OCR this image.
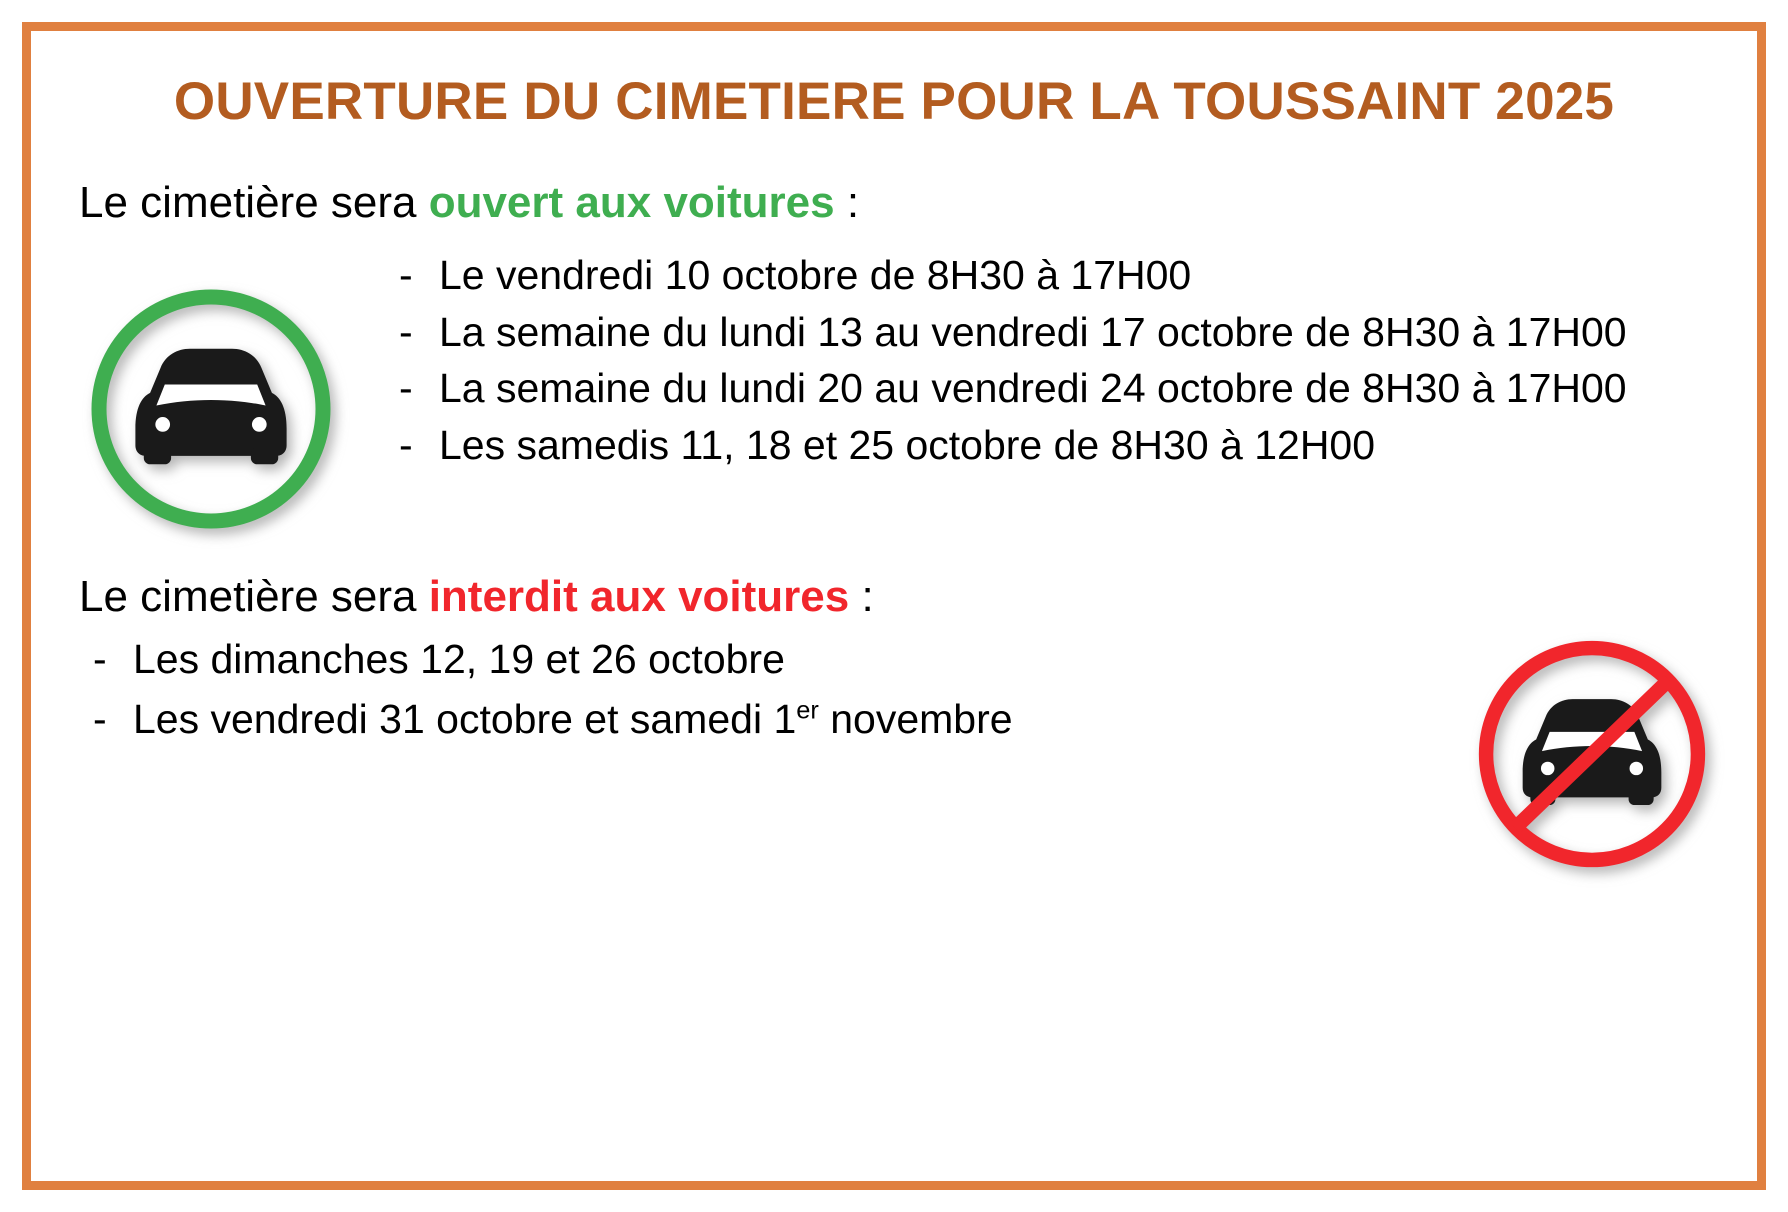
OUVERTURE DU CIMETIERE POUR LA TOUSSAINT 2025
Le cimetière sera ouvert aux voitures :
- Le vendredi 10 octobre de 8H30 à 17H00
- La semaine du lundi 13 au vendredi 17 octobre de 8H30 à 17H00
- La semaine du lundi 20 au vendredi 24 octobre de 8H30 à 17H00
- Les samedis 11, 18 et 25 octobre de 8H30 à 12H00
Le cimetière sera interdit aux voitures :
- Les dimanches 12, 19 et 26 octobre
- Les vendredi 31 octobre et samedi 1er novembre
